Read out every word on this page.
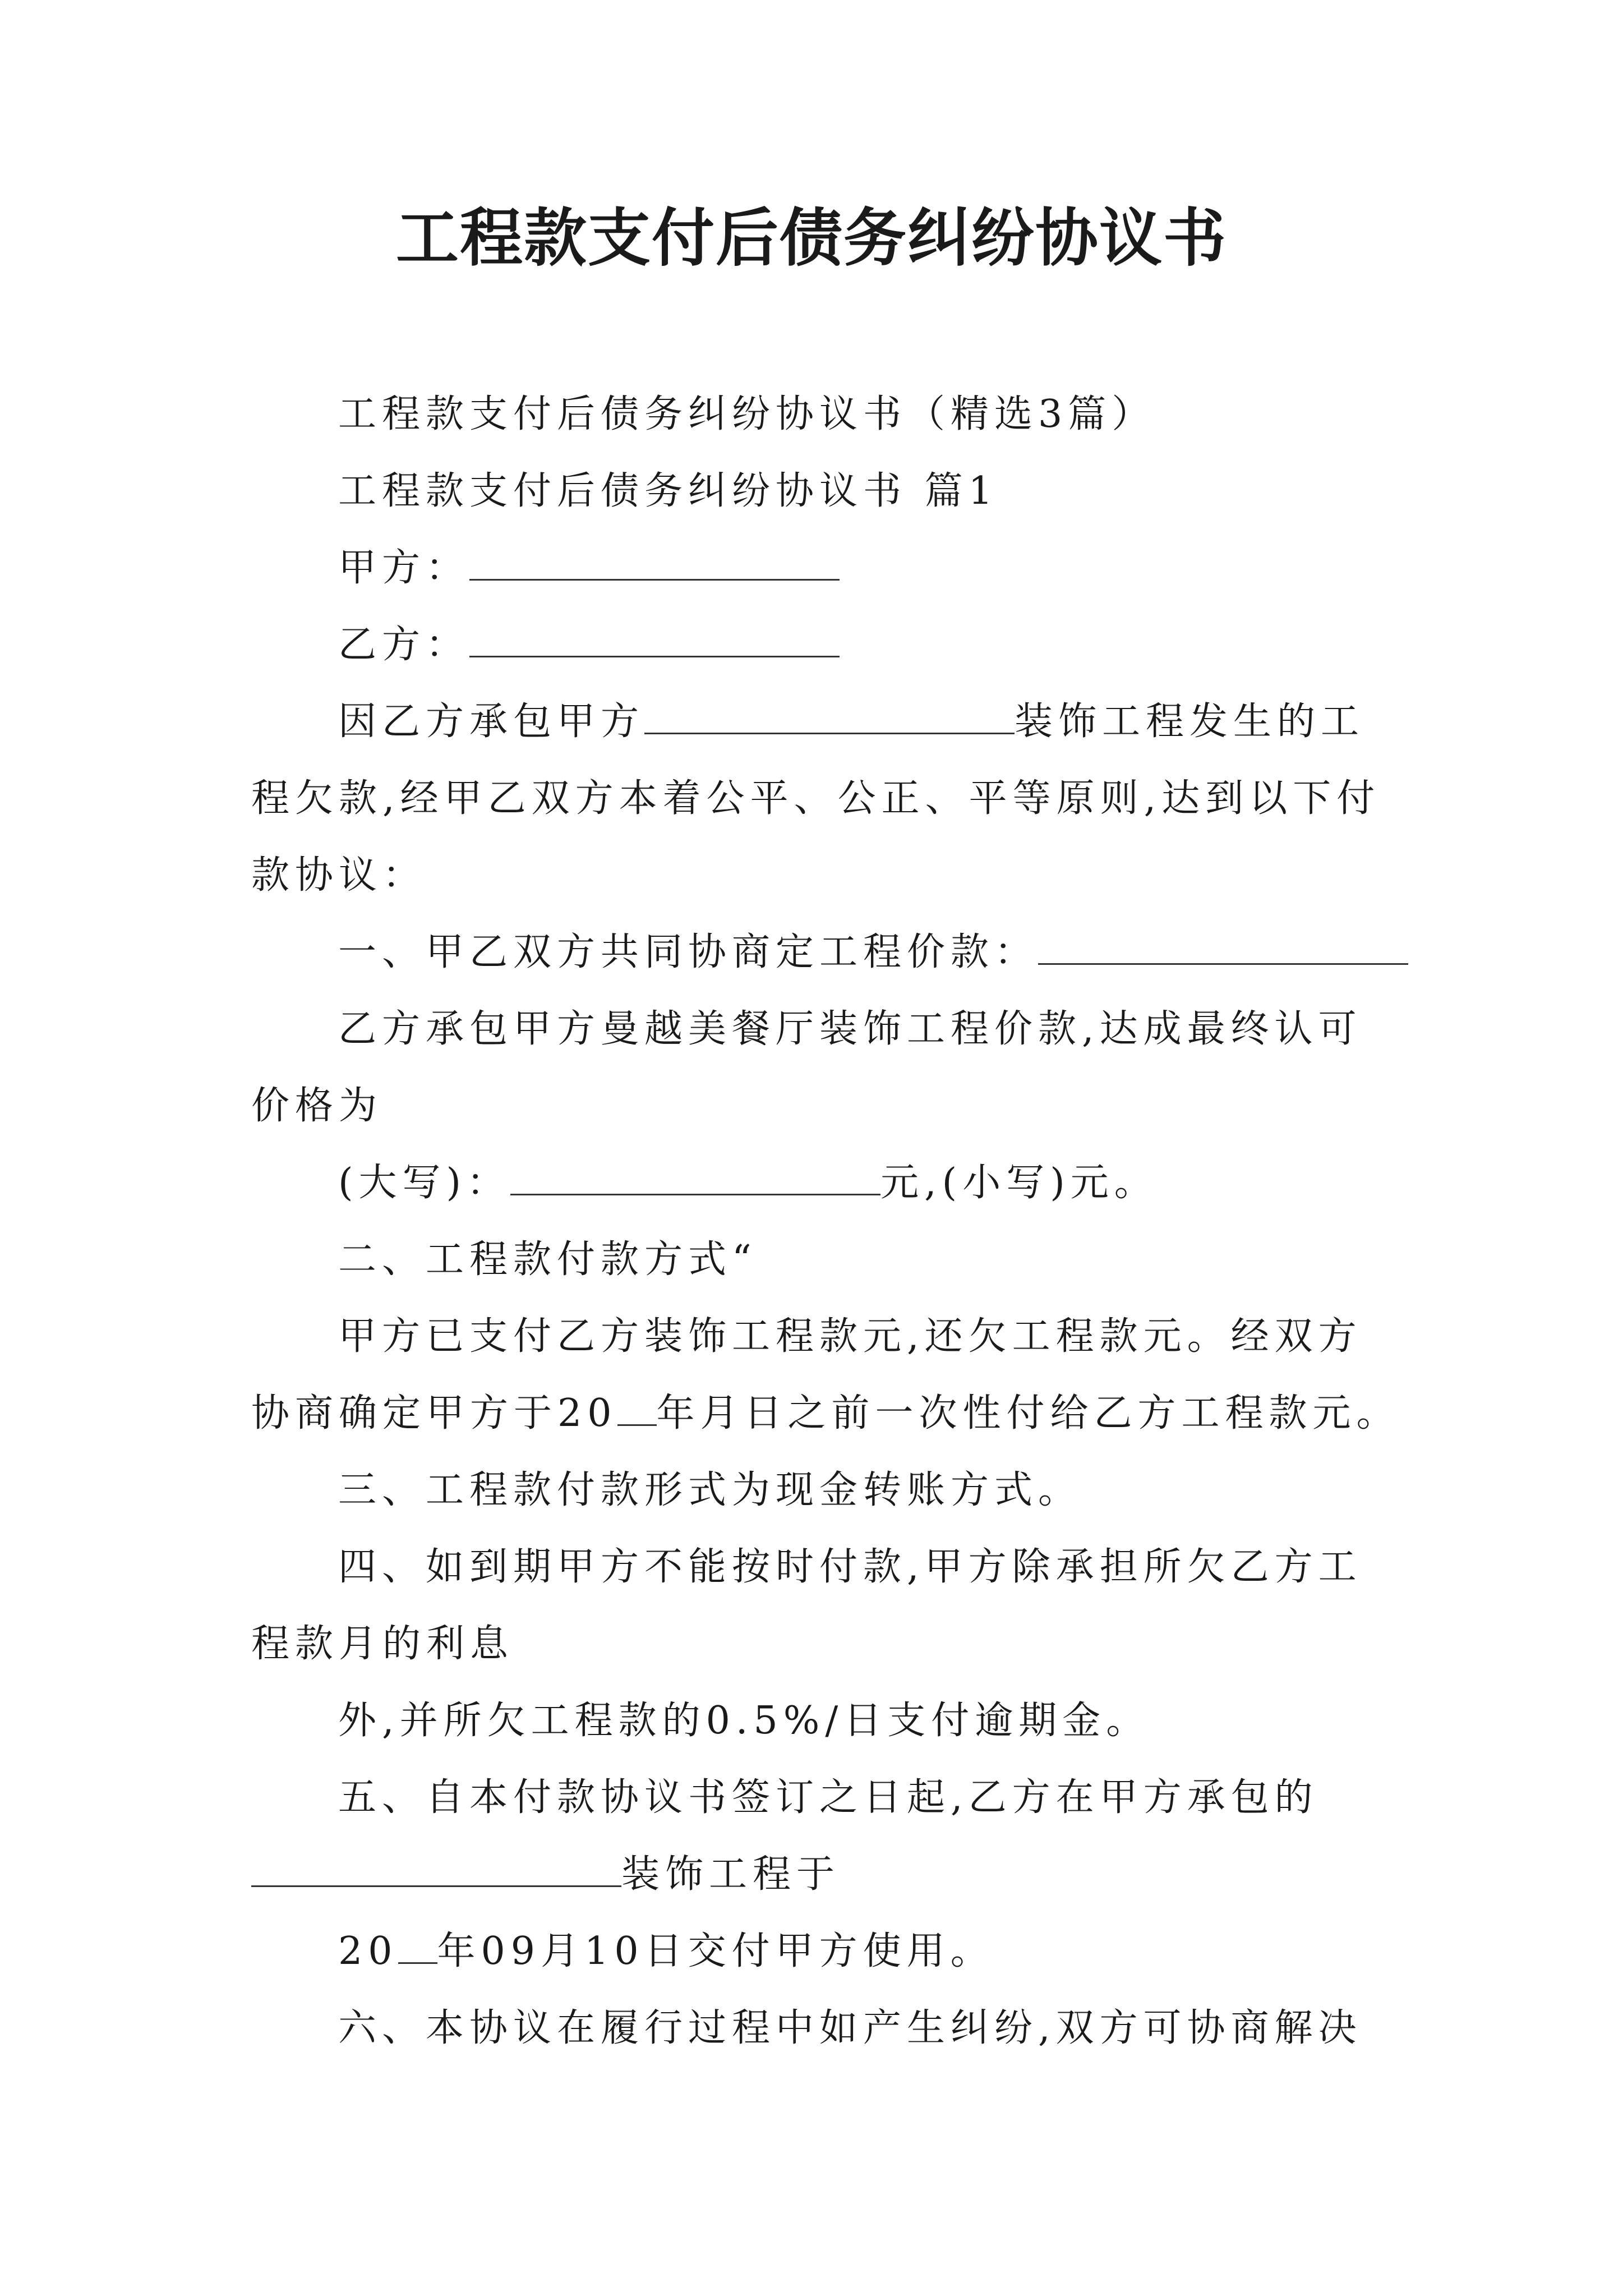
工程款支付后债务纠纷协议书
工程款支付后债务纠纷协议书（精选3篇）
工程款支付后债务纠纷协议书 篇1
甲方：
乙方：
因乙方承包甲方	装饰工程发生的工
程欠款,经甲乙双方本着公平、公正、平等原则,达到以下付
款协议：
一、甲乙双方共同协商定工程价款：
乙方承包甲方曼越美餐厅装饰工程价款,达成最终认可
价格为
(大写)：	元,(小写)元。
二、工程款付款方式“
甲方已支付乙方装饰工程款元,还欠工程款元。经双方
协商确定甲方于20 年月日之前一次性付给乙方工程款元。
三、工程款付款形式为现金转账方式。
四、如到期甲方不能按时付款,甲方除承担所欠乙方工
程款月的利息
外,并所欠工程款的0.5%/日支付逾期金。
五、自本付款协议书签订之日起,乙方在甲方承包的
装饰工程于
20 年09月10日交付甲方使用。
六、本协议在履行过程中如产生纠纷,双方可协商解决
